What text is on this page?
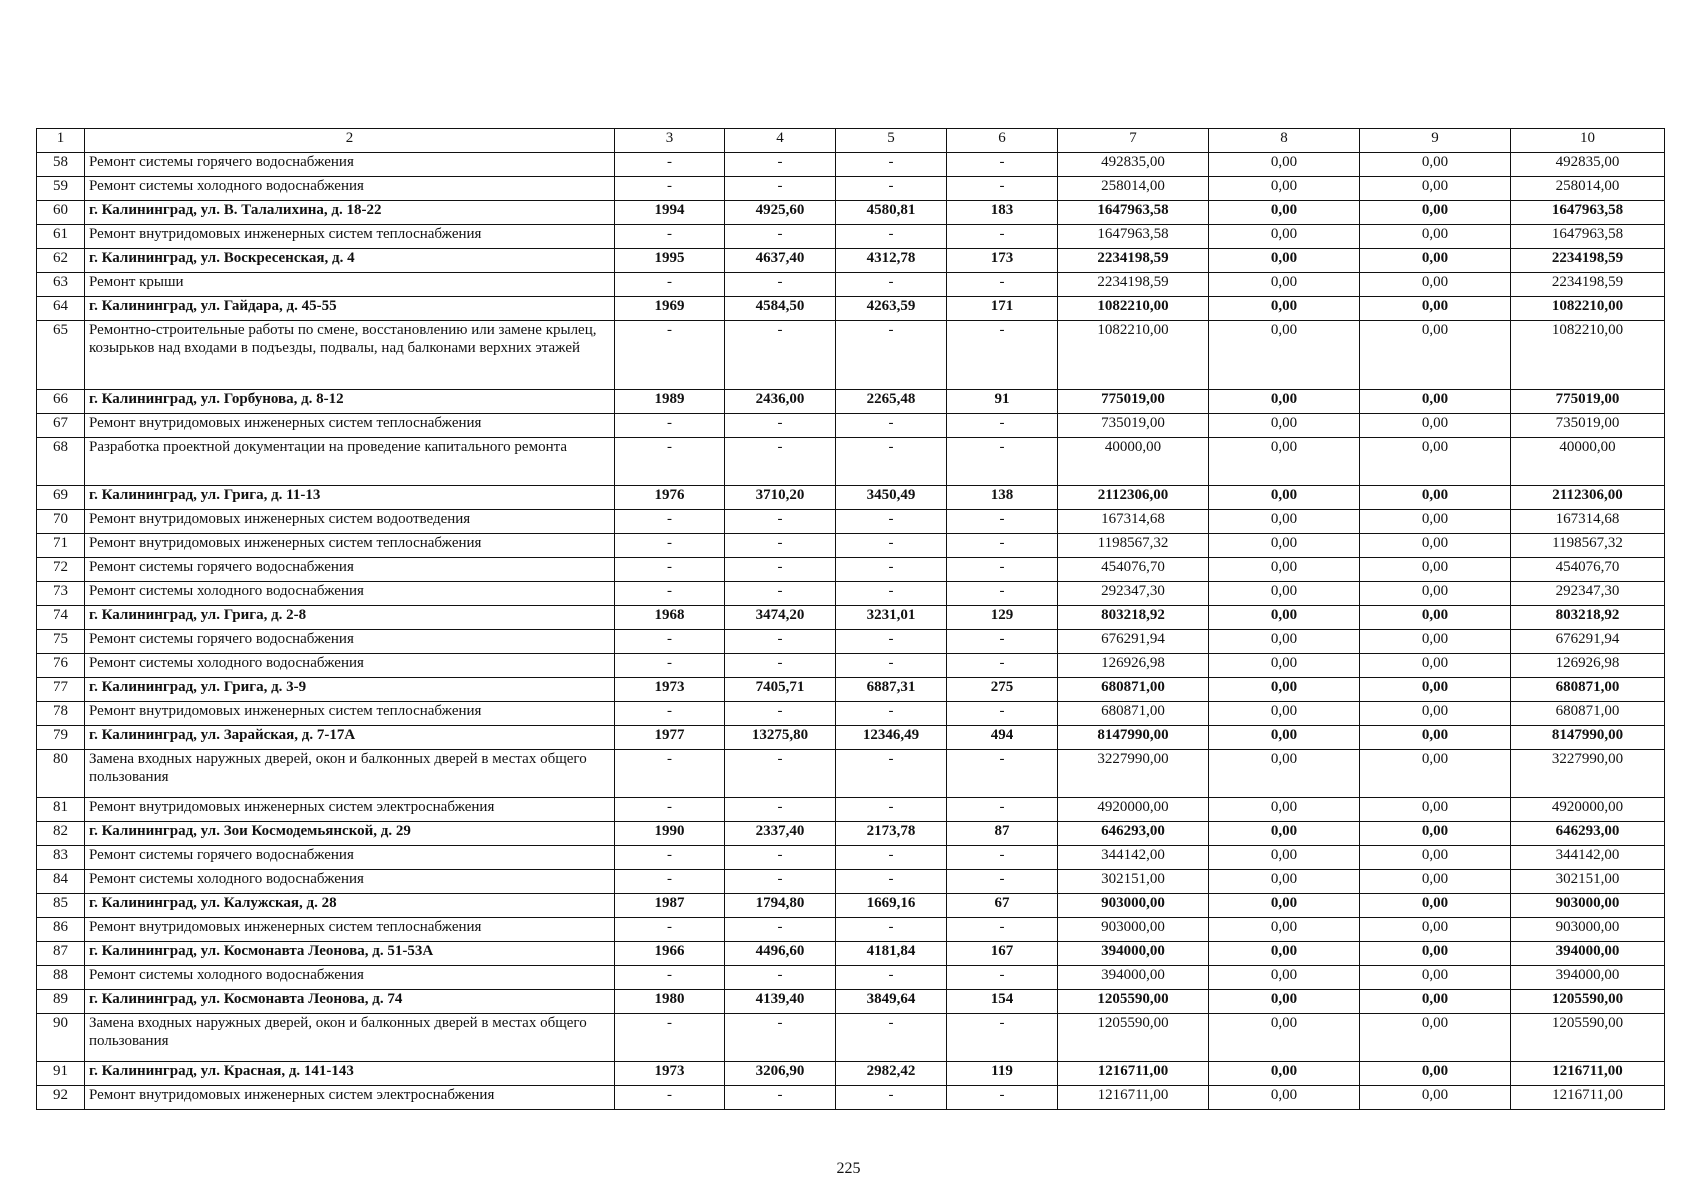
1	2	3	4	5	6	7	8	9	10
58	Ремонт системы горячего водоснабжения	-	-	-	-	492835,00	0,00	0,00	492835,00
59	Ремонт системы холодного водоснабжения	-	-	-	-	258014,00	0,00	0,00	258014,00
60	г. Калининград, ул. В. Талалихина, д. 18-22	1994	4925,60	4580,81	183	1647963,58	0,00	0,00	1647963,58
61	Ремонт внутридомовых инженерных систем теплоснабжения	-	-	-	-	1647963,58	0,00	0,00	1647963,58
62	г. Калининград, ул. Воскресенская, д. 4	1995	4637,40	4312,78	173	2234198,59	0,00	0,00	2234198,59
63	Ремонт крыши	-	-	-	-	2234198,59	0,00	0,00	2234198,59
64	г. Калининград, ул. Гайдара, д. 45-55	1969	4584,50	4263,59	171	1082210,00	0,00	0,00	1082210,00
65	Ремонтно-строительные работы по смене, восстановлению или замене крылец, козырьков над входами в подъезды, подвалы, над балконами верхних этажей	-	-	-	-	1082210,00	0,00	0,00	1082210,00
66	г. Калининград, ул. Горбунова, д. 8-12	1989	2436,00	2265,48	91	775019,00	0,00	0,00	775019,00
67	Ремонт внутридомовых инженерных систем теплоснабжения	-	-	-	-	735019,00	0,00	0,00	735019,00
68	Разработка проектной документации на проведение капитального ремонта	-	-	-	-	40000,00	0,00	0,00	40000,00
69	г. Калининград, ул. Грига, д. 11-13	1976	3710,20	3450,49	138	2112306,00	0,00	0,00	2112306,00
70	Ремонт внутридомовых инженерных систем водоотведения	-	-	-	-	167314,68	0,00	0,00	167314,68
71	Ремонт внутридомовых инженерных систем теплоснабжения	-	-	-	-	1198567,32	0,00	0,00	1198567,32
72	Ремонт системы горячего водоснабжения	-	-	-	-	454076,70	0,00	0,00	454076,70
73	Ремонт системы холодного водоснабжения	-	-	-	-	292347,30	0,00	0,00	292347,30
74	г. Калининград, ул. Грига, д. 2-8	1968	3474,20	3231,01	129	803218,92	0,00	0,00	803218,92
75	Ремонт системы горячего водоснабжения	-	-	-	-	676291,94	0,00	0,00	676291,94
76	Ремонт системы холодного водоснабжения	-	-	-	-	126926,98	0,00	0,00	126926,98
77	г. Калининград, ул. Грига, д. 3-9	1973	7405,71	6887,31	275	680871,00	0,00	0,00	680871,00
78	Ремонт внутридомовых инженерных систем теплоснабжения	-	-	-	-	680871,00	0,00	0,00	680871,00
79	г. Калининград, ул. Зарайская, д. 7-17А	1977	13275,80	12346,49	494	8147990,00	0,00	0,00	8147990,00
80	Замена входных наружных дверей, окон и балконных дверей в местах общего пользования	-	-	-	-	3227990,00	0,00	0,00	3227990,00
81	Ремонт внутридомовых инженерных систем электроснабжения	-	-	-	-	4920000,00	0,00	0,00	4920000,00
82	г. Калининград, ул. Зои Космодемьянской, д. 29	1990	2337,40	2173,78	87	646293,00	0,00	0,00	646293,00
83	Ремонт системы горячего водоснабжения	-	-	-	-	344142,00	0,00	0,00	344142,00
84	Ремонт системы холодного водоснабжения	-	-	-	-	302151,00	0,00	0,00	302151,00
85	г. Калининград, ул. Калужская, д. 28	1987	1794,80	1669,16	67	903000,00	0,00	0,00	903000,00
86	Ремонт внутридомовых инженерных систем теплоснабжения	-	-	-	-	903000,00	0,00	0,00	903000,00
87	г. Калининград, ул. Космонавта Леонова, д. 51-53А	1966	4496,60	4181,84	167	394000,00	0,00	0,00	394000,00
88	Ремонт системы холодного водоснабжения	-	-	-	-	394000,00	0,00	0,00	394000,00
89	г. Калининград, ул. Космонавта Леонова, д. 74	1980	4139,40	3849,64	154	1205590,00	0,00	0,00	1205590,00
90	Замена входных наружных дверей, окон и балконных дверей в местах общего пользования	-	-	-	-	1205590,00	0,00	0,00	1205590,00
91	г. Калининград, ул. Красная, д. 141-143	1973	3206,90	2982,42	119	1216711,00	0,00	0,00	1216711,00
92	Ремонт внутридомовых инженерных систем электроснабжения	-	-	-	-	1216711,00	0,00	0,00	1216711,00
225
